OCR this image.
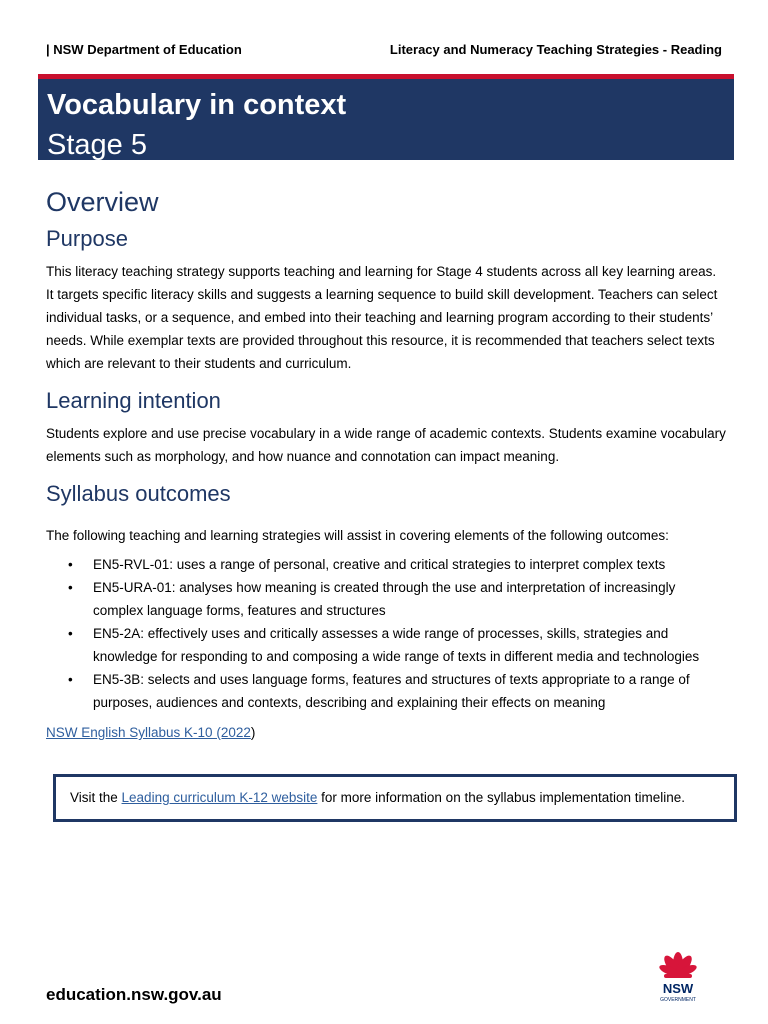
| NSW Department of Education	Literacy and Numeracy Teaching Strategies - Reading
Vocabulary in context
Stage 5
Overview
Purpose

This literacy teaching strategy supports teaching and learning for Stage 4 students across all key learning areas. It targets specific literacy skills and suggests a learning sequence to build skill development. Teachers can select individual tasks, or a sequence, and embed into their teaching and learning program according to their students’ needs. While exemplar texts are provided throughout this resource, it is recommended that teachers select texts which are relevant to their students and curriculum.

Learning intention

Students explore and use precise vocabulary in a wide range of academic contexts. Students examine vocabulary elements such as morphology, and how nuance and connotation can impact meaning.

Syllabus outcomes

The following teaching and learning strategies will assist in covering elements of the following outcomes:

• EN5-RVL-01: uses a range of personal, creative and critical strategies to interpret complex texts
• EN5-URA-01: analyses how meaning is created through the use and interpretation of increasingly complex language forms, features and structures
• EN5-2A: effectively uses and critically assesses a wide range of processes, skills, strategies and knowledge for responding to and composing a wide range of texts in different media and technologies
• EN5-3B: selects and uses language forms, features and structures of texts appropriate to a range of purposes, audiences and contexts, describing and explaining their effects on meaning
NSW English Syllabus K-10 (2022)
Visit the Leading curriculum K-12 website for more information on the syllabus implementation timeline.
education.nsw.gov.au	NSW
GOVERNMENT
